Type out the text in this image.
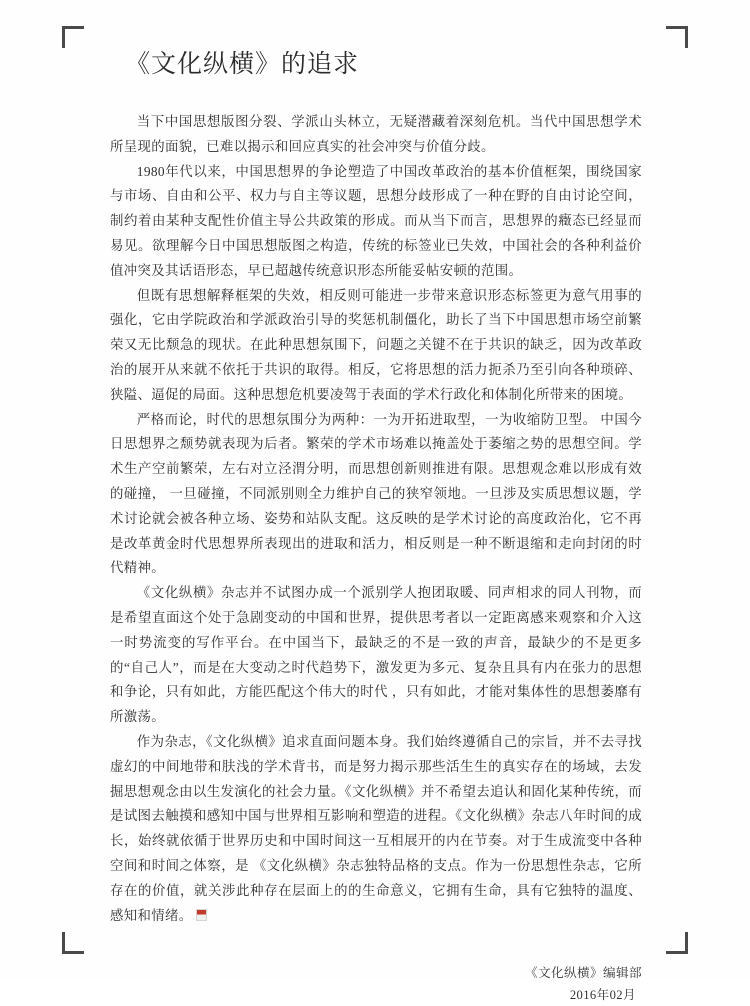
《文化纵横》的追求

当下中国思想版图分裂、学派山头林立，无疑潜藏着深刻危机。当代中国思想学术所呈现的面貌，已难以揭示和回应真实的社会冲突与价值分歧。

1980年代以来，中国思想界的争论塑造了中国改革政治的基本价值框架，围绕国家与市场、自由和公平、权力与自主等议题，思想分歧形成了一种在野的自由讨论空间，制约着由某种支配性价值主导公共政策的形成。而从当下而言，思想界的癥态已经显而易见。欲理解今日中国思想版图之构造，传统的标签业已失效，中国社会的各种利益价值冲突及其话语形态，早已超越传统意识形态所能妥帖安顿的范围。

但既有思想解释框架的失效，相反则可能进一步带来意识形态标签更为意气用事的强化，它由学院政治和学派政治引导的奖惩机制僵化，助长了当下中国思想市场空前繁荣又无比颓急的现状。在此种思想氛围下，问题之关键不在于共识的缺乏，因为改革政治的展开从来就不依托于共识的取得。相反，它将思想的活力扼杀乃至引向各种琐碎、狭隘、逼促的局面。这种思想危机要凌驾于表面的学术行政化和体制化所带来的困境。

严格而论，时代的思想氛围分为两种：一为开拓进取型，一为收缩防卫型。 中国今日思想界之颓势就表现为后者。繁荣的学术市场难以掩盖处于萎缩之势的思想空间。学术生产空前繁荣，左右对立泾渭分明，而思想创新则推进有限。思想观念难以形成有效的碰撞， 一旦碰撞，不同派别则全力维护自己的狭窄领地。一旦涉及实质思想议题，学术讨论就会被各种立场、姿势和站队支配。这反映的是学术讨论的高度政治化，它不再是改革黄金时代思想界所表现出的进取和活力，相反则是一种不断退缩和走向封闭的时代精神。

《文化纵横》杂志并不试图办成一个派别学人抱团取暖、同声相求的同人刊物，而是希望直面这个处于急剧变动的中国和世界，提供思考者以一定距离感来观察和介入这一时势流变的写作平台。在中国当下，最缺乏的不是一致的声音，最缺少的不是更多的“自己人”，而是在大变动之时代趋势下，激发更为多元、复杂且具有内在张力的思想和争论，只有如此，方能匹配这个伟大的时代 ，只有如此，才能对集体性的思想萎靡有所激荡。

作为杂志，《文化纵横》追求直面问题本身。我们始终遵循自己的宗旨，并不去寻找虚幻的中间地带和肤浅的学术背书，而是努力揭示那些活生生的真实存在的场域，去发掘思想观念由以生发演化的社会力量。《文化纵横》并不希望去追认和固化某种传统，而是试图去触摸和感知中国与世界相互影响和塑造的进程。《文化纵横》杂志八年时间的成长，始终就依循于世界历史和中国时间这一互相展开的内在节奏。对于生成流变中各种空间和时间之体察，是 《文化纵横》杂志独特品格的支点。作为一份思想性杂志，它所存在的价值，就关涉此种存在层面上的的生命意义，它拥有生命，具有它独特的温度、感知和情绪。

《文化纵横》编辑部
2016年02月
